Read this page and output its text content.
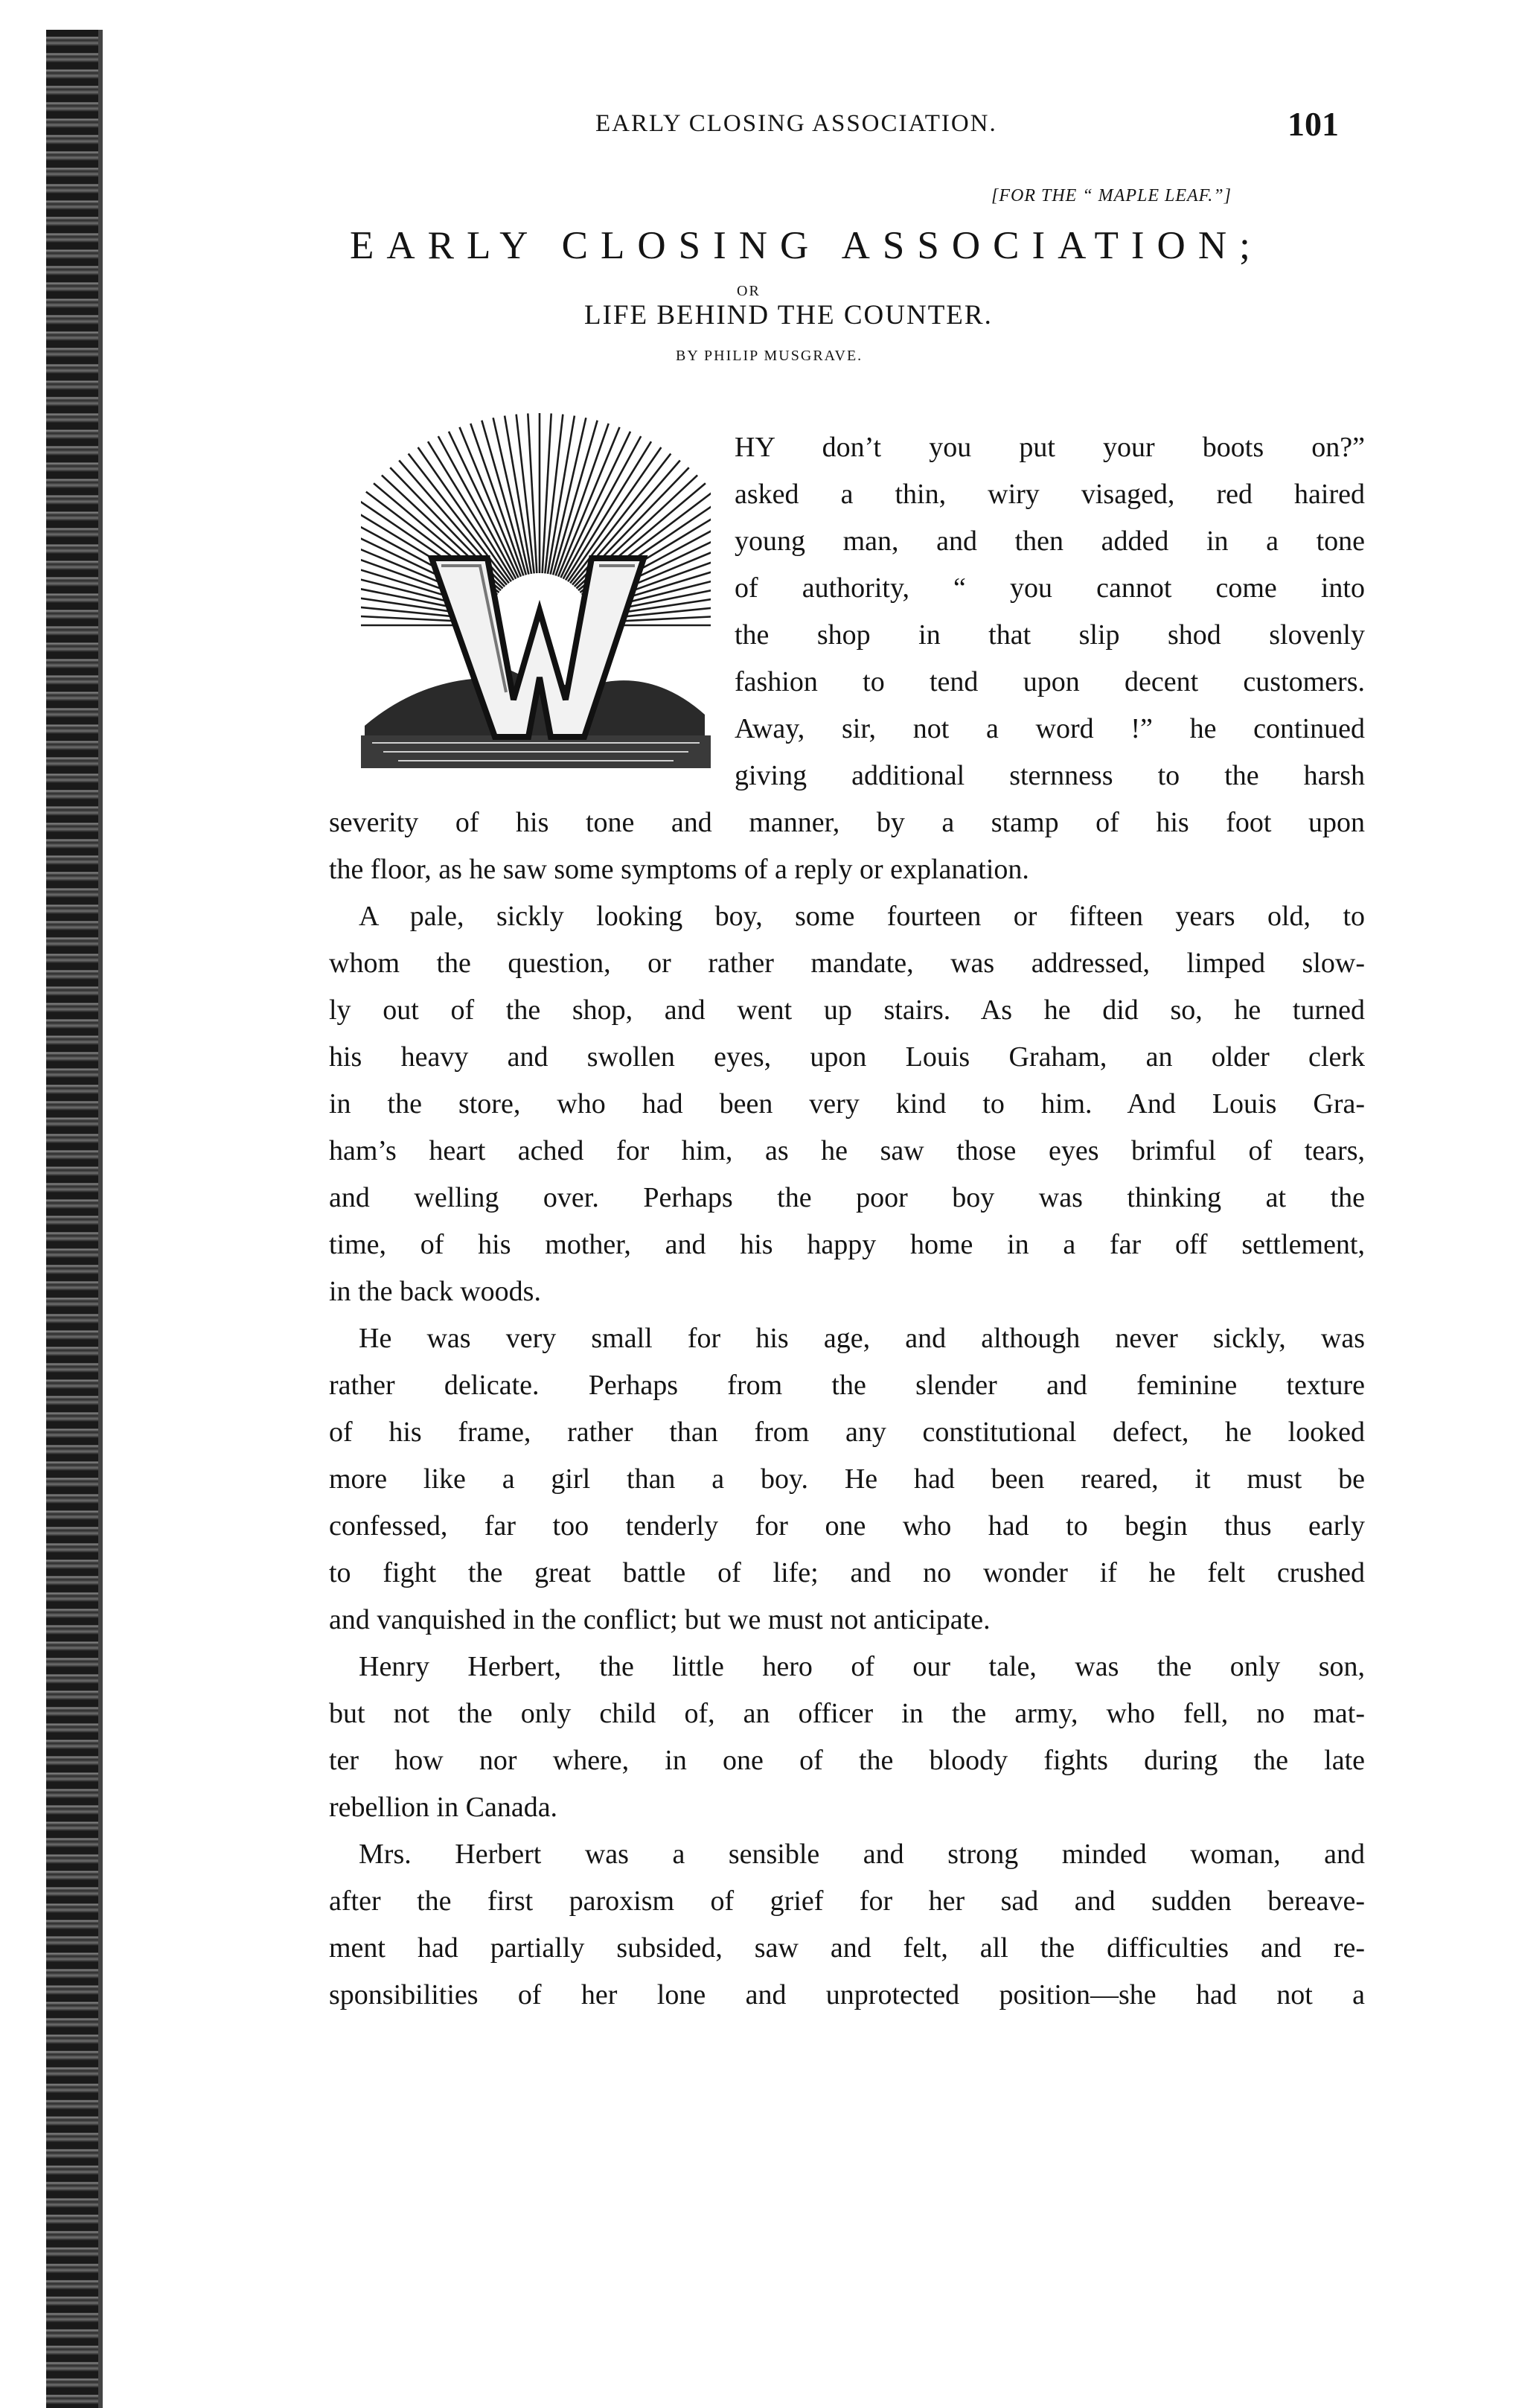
EARLY CLOSING ASSOCIATION.	101
[FOR THE “ MAPLE LEAF.”]
EARLY CLOSING ASSOCIATION;
OR
LIFE BEHIND THE COUNTER.
BY PHILIP MUSGRAVE.
HY don’t you put your boots on?”
asked a thin, wiry visaged, red haired
young man, and then added in a tone
of authority, “ you cannot come into
the shop in that slip shod slovenly
fashion to tend upon decent customers.
Away, sir, not a word !” he continued
giving additional sternness to the harsh

severity of his tone and manner, by a stamp of his foot upon
the floor, as he saw some symptoms of a reply or explanation.

A pale, sickly looking boy, some fourteen or fifteen years old, to
whom the question, or rather mandate, was addressed, limped slow-
ly out of the shop, and went up stairs. As he did so, he turned
his heavy and swollen eyes, upon Louis Graham, an older clerk
in the store, who had been very kind to him. And Louis Gra-
ham’s heart ached for him, as he saw those eyes brimful of tears,
and welling over. Perhaps the poor boy was thinking at the
time, of his mother, and his happy home in a far off settlement,
in the back woods.

He was very small for his age, and although never sickly, was
rather delicate. Perhaps from the slender and feminine texture
of his frame, rather than from any constitutional defect, he looked
more like a girl than a boy. He had been reared, it must be
confessed, far too tenderly for one who had to begin thus early
to fight the great battle of life; and no wonder if he felt crushed
and vanquished in the conflict; but we must not anticipate.

Henry Herbert, the little hero of our tale, was the only son,
but not the only child of, an officer in the army, who fell, no mat-
ter how nor where, in one of the bloody fights during the late
rebellion in Canada.

Mrs. Herbert was a sensible and strong minded woman, and
after the first paroxism of grief for her sad and sudden bereave-
ment had partially subsided, saw and felt, all the difficulties and re-
sponsibilities of her lone and unprotected position—she had not a
